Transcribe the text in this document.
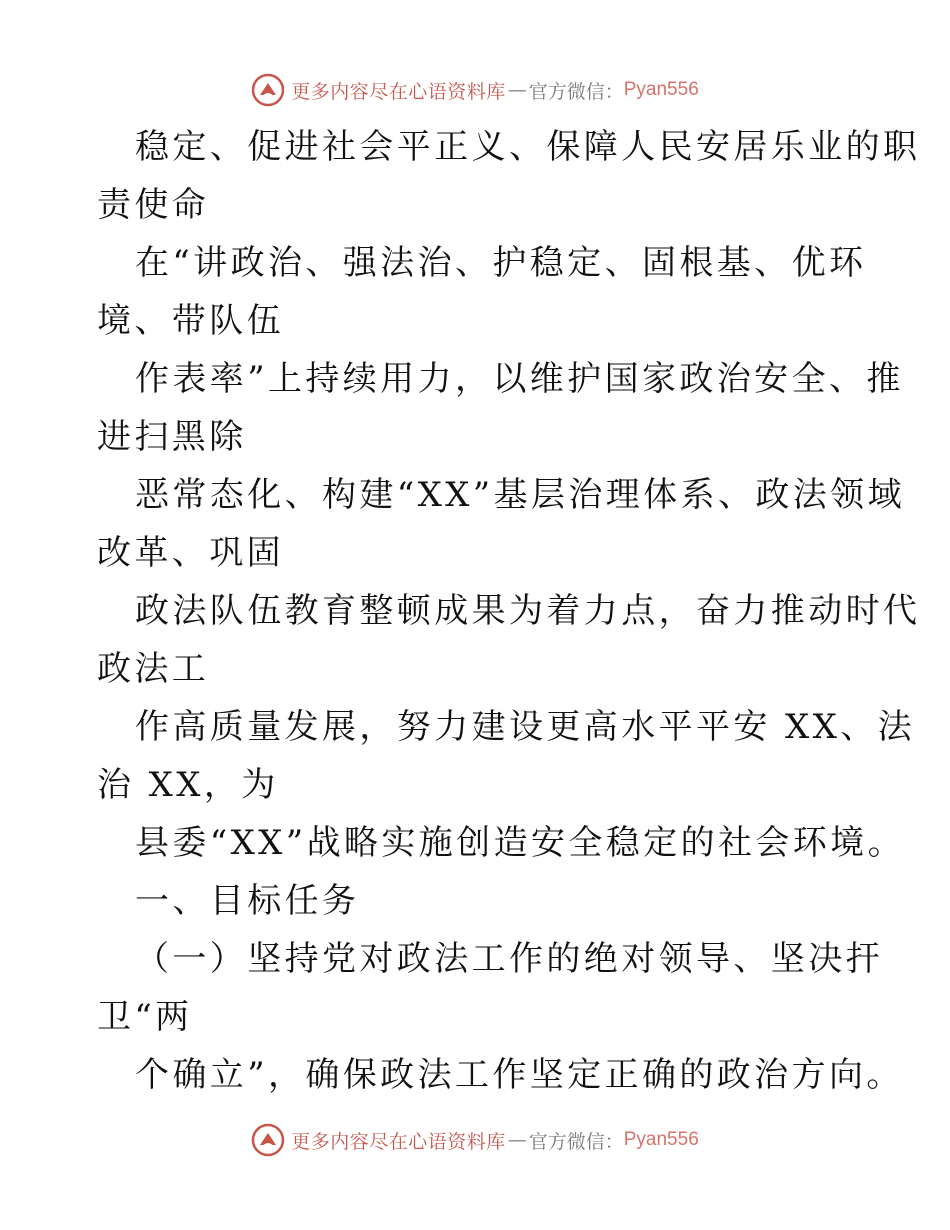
更多内容尽在心语资料库 — 官方微信： Pyan556
稳定、促进社会平正义、保障人民安居乐业的职
责使命
在“讲政治、强法治、护稳定、固根基、优环
境、带队伍
作表率”上持续用力，以维护国家政治安全、推
进扫黑除
恶常态化、构建“XX”基层治理体系、政法领域
改革、巩固
政法队伍教育整顿成果为着力点，奋力推动时代
政法工
作高质量发展，努力建设更高水平平安 XX、法
治 XX，为
县委“XX”战略实施创造安全稳定的社会环境。
一、目标任务
（一）坚持党对政法工作的绝对领导、坚决扞
卫“两
个确立”，确保政法工作坚定正确的政治方向。
更多内容尽在心语资料库 — 官方微信： Pyan556
